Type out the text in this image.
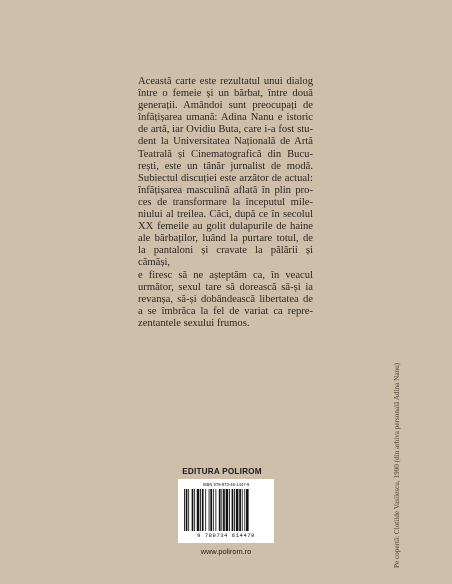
Această carte este rezultatul unui dialog
între o femeie și un bărbat, între două
generații. Amândoi sunt preocupați de
înfățișarea umană: Adina Nanu e istoric
de artă, iar Ovidiu Buta, care i-a fost stu-
dent la Universitatea Națională de Artă
Teatrală și Cinematografică din Bucu-
rești, este un tânăr jurnalist de modă.
Subiectul discuției este arzător de actual:
înfățișarea masculină aflată în plin pro-
ces de transformare la începutul mile-
niului al treilea. Căci, după ce în secolul
XX femeile au golit dulapurile de haine
ale bărbaților, luând la purtare totul, de
la pantaloni și cravate la pălării și cămăși,
e firesc să ne așteptăm ca, în veacul
următor, sexul tare să dorească să-și ia
revanșa, să-și dobândească libertatea de
a se îmbrăca la fel de variat ca repre-
zentantele sexului frumos.
Pe copertă: Clotilde Vasilescu, 1900 (din arhiva personală Adina Nanu)
EDITURA POLIROM
ISBN 978-973-46-1447-9
9 789734 614479
www.polirom.ro
